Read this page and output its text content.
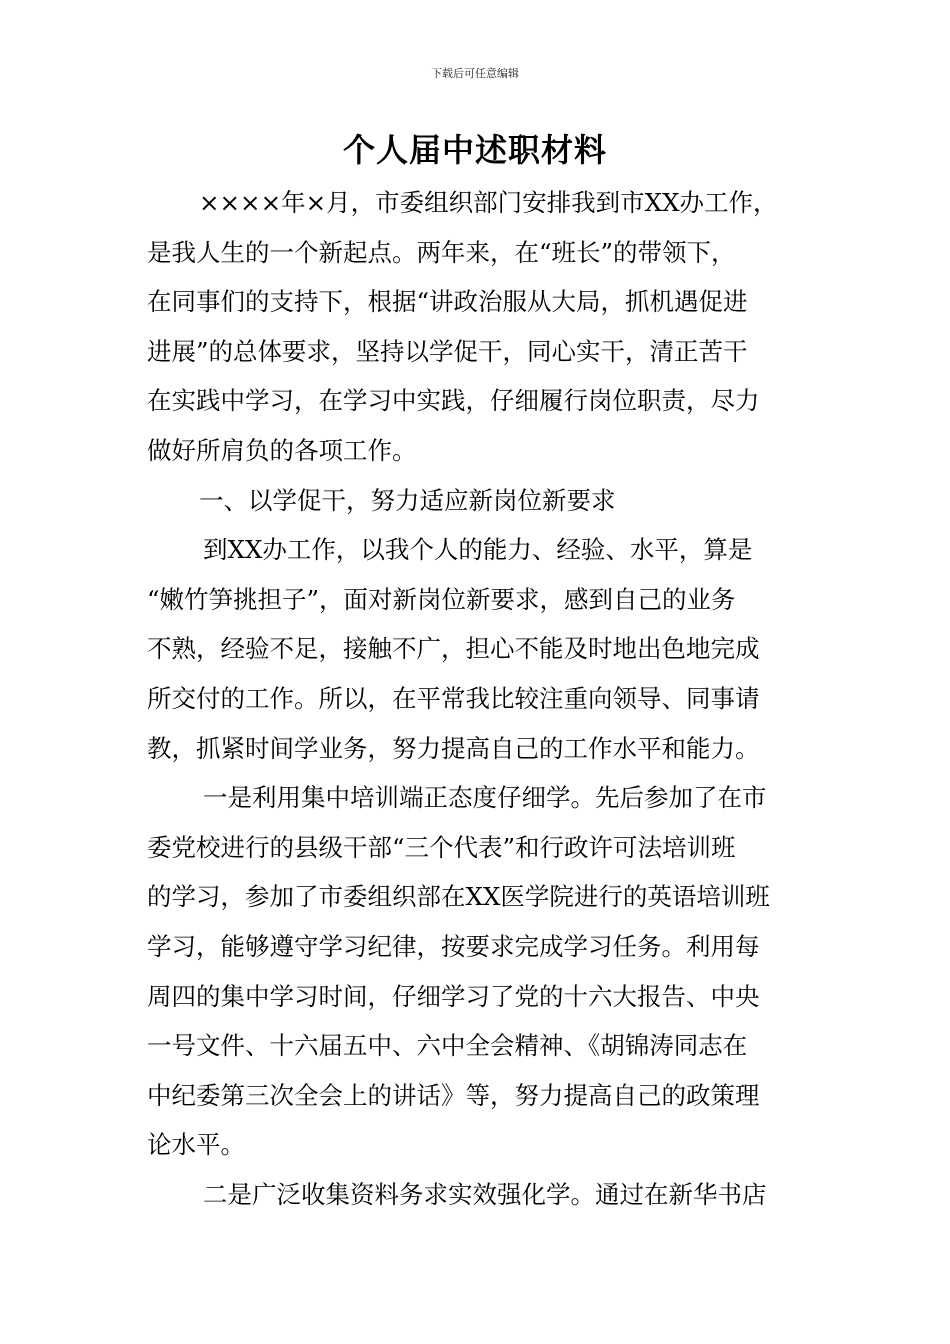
下载后可任意编辑
个人届中述职材料
××××年×月，市委组织部门安排我到市XX办工作，
是我人生的一个新起点。两年来，在“班长”的带领下，
在同事们的支持下，根据“讲政治服从大局，抓机遇促进
进展”的总体要求，坚持以学促干，同心实干，清正苦干
在实践中学习，在学习中实践，仔细履行岗位职责，尽力
做好所肩负的各项工作。
一、以学促干，努力适应新岗位新要求
到XX办工作，以我个人的能力、经验、水平，算是
“嫩竹笋挑担子”，面对新岗位新要求，感到自己的业务
不熟，经验不足，接触不广，担心不能及时地出色地完成
所交付的工作。所以，在平常我比较注重向领导、同事请
教，抓紧时间学业务，努力提高自己的工作水平和能力。
一是利用集中培训端正态度仔细学。先后参加了在市
委党校进行的县级干部“三个代表”和行政许可法培训班
的学习，参加了市委组织部在XX医学院进行的英语培训班
学习，能够遵守学习纪律，按要求完成学习任务。利用每
周四的集中学习时间，仔细学习了党的十六大报告、中央
一号文件、十六届五中、六中全会精神、《胡锦涛同志在
中纪委第三次全会上的讲话》等，努力提高自己的政策理
论水平。
二是广泛收集资料务求实效强化学。通过在新华书店
